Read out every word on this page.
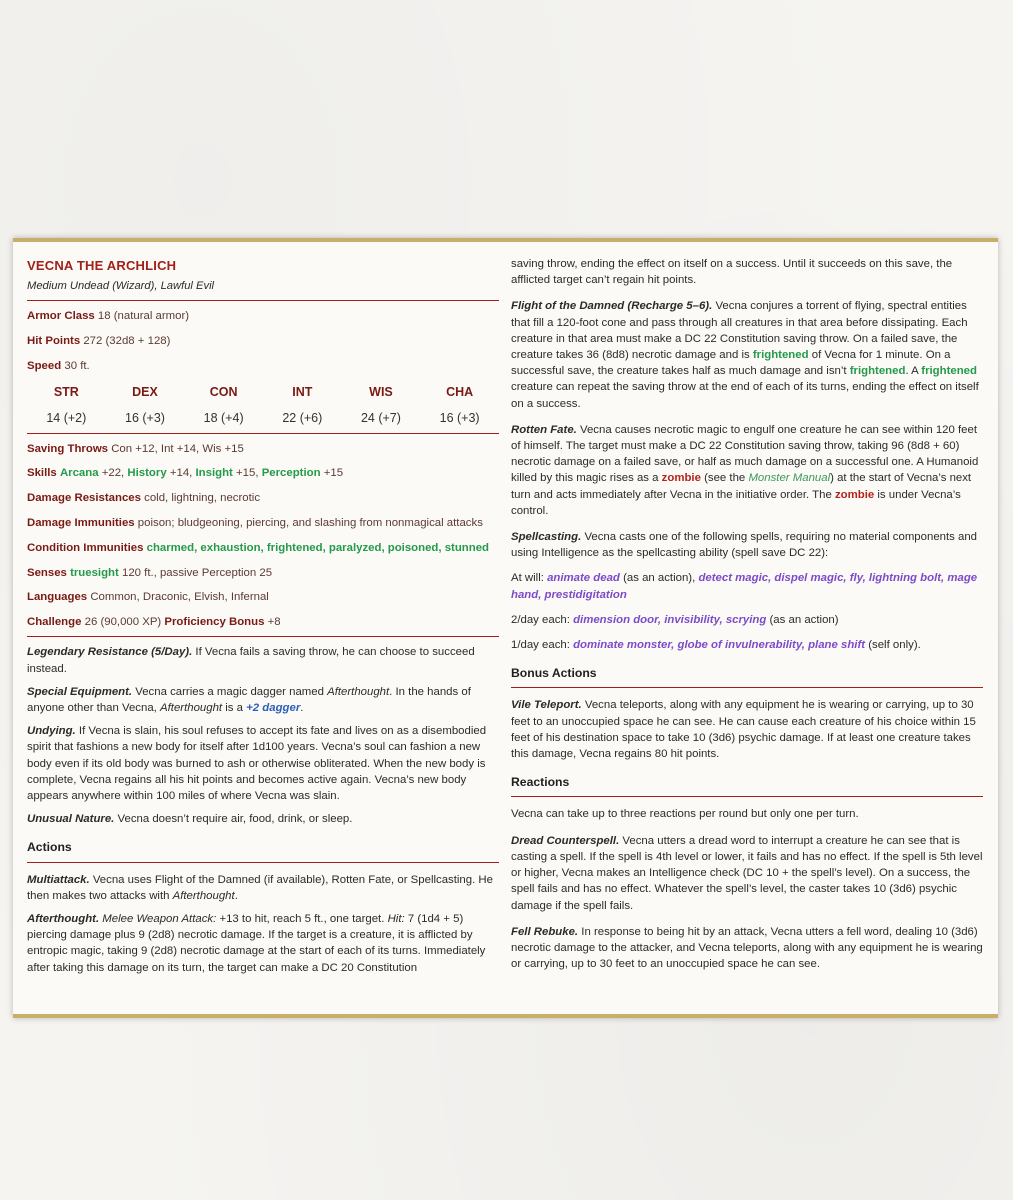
VECNA THE ARCHLICH
Medium Undead (Wizard), Lawful Evil
Armor Class 18 (natural armor)
Hit Points 272 (32d8 + 128)
Speed 30 ft.
STR
14 (+2)
DEX
16 (+3)
CON
18 (+4)
INT
22 (+6)
WIS
24 (+7)
CHA
16 (+3)
Saving Throws Con +12, Int +14, Wis +15
Skills Arcana +22, History +14, Insight +15, Perception +15
Damage Resistances cold, lightning, necrotic
Damage Immunities poison; bludgeoning, piercing, and slashing from nonmagical attacks
Condition Immunities charmed, exhaustion, frightened, paralyzed, poisoned, stunned
Senses truesight 120 ft., passive Perception 25
Languages Common, Draconic, Elvish, Infernal
Challenge 26 (90,000 XP) Proficiency Bonus +8
Legendary Resistance (5/Day). If Vecna fails a saving throw, he can choose to succeed instead.
Special Equipment. Vecna carries a magic dagger named Afterthought. In the hands of anyone other than Vecna, Afterthought is a +2 dagger.
Undying. If Vecna is slain, his soul refuses to accept its fate and lives on as a disembodied spirit that fashions a new body for itself after 1d100 years. Vecna’s soul can fashion a new body even if its old body was burned to ash or otherwise obliterated. When the new body is complete, Vecna regains all his hit points and becomes active again. Vecna’s new body appears anywhere within 100 miles of where Vecna was slain.
Unusual Nature. Vecna doesn’t require air, food, drink, or sleep.
Actions
Multiattack. Vecna uses Flight of the Damned (if available), Rotten Fate, or Spellcasting. He then makes two attacks with Afterthought.
Afterthought. Melee Weapon Attack: +13 to hit, reach 5 ft., one target. Hit: 7 (1d4 + 5) piercing damage plus 9 (2d8) necrotic damage. If the target is a creature, it is afflicted by entropic magic, taking 9 (2d8) necrotic damage at the start of each of its turns. Immediately after taking this damage on its turn, the target can make a DC 20 Constitution
saving throw, ending the effect on itself on a success. Until it succeeds on this save, the afflicted target can’t regain hit points.
Flight of the Damned (Recharge 5–6). Vecna conjures a torrent of flying, spectral entities that fill a 120-foot cone and pass through all creatures in that area before dissipating. Each creature in that area must make a DC 22 Constitution saving throw. On a failed save, the creature takes 36 (8d8) necrotic damage and is frightened of Vecna for 1 minute. On a successful save, the creature takes half as much damage and isn’t frightened. A frightened creature can repeat the saving throw at the end of each of its turns, ending the effect on itself on a success.
Rotten Fate. Vecna causes necrotic magic to engulf one creature he can see within 120 feet of himself. The target must make a DC 22 Constitution saving throw, taking 96 (8d8 + 60) necrotic damage on a failed save, or half as much damage on a successful one. A Humanoid killed by this magic rises as a zombie (see the Monster Manual) at the start of Vecna’s next turn and acts immediately after Vecna in the initiative order. The zombie is under Vecna’s control.
Spellcasting. Vecna casts one of the following spells, requiring no material components and using Intelligence as the spellcasting ability (spell save DC 22):
At will: animate dead (as an action), detect magic, dispel magic, fly, lightning bolt, mage hand, prestidigitation
2/day each: dimension door, invisibility, scrying (as an action)
1/day each: dominate monster, globe of invulnerability, plane shift (self only).
Bonus Actions
Vile Teleport. Vecna teleports, along with any equipment he is wearing or carrying, up to 30 feet to an unoccupied space he can see. He can cause each creature of his choice within 15 feet of his destination space to take 10 (3d6) psychic damage. If at least one creature takes this damage, Vecna regains 80 hit points.
Reactions
Vecna can take up to three reactions per round but only one per turn.
Dread Counterspell. Vecna utters a dread word to interrupt a creature he can see that is casting a spell. If the spell is 4th level or lower, it fails and has no effect. If the spell is 5th level or higher, Vecna makes an Intelligence check (DC 10 + the spell’s level). On a success, the spell fails and has no effect. Whatever the spell’s level, the caster takes 10 (3d6) psychic damage if the spell fails.
Fell Rebuke. In response to being hit by an attack, Vecna utters a fell word, dealing 10 (3d6) necrotic damage to the attacker, and Vecna teleports, along with any equipment he is wearing or carrying, up to 30 feet to an unoccupied space he can see.
